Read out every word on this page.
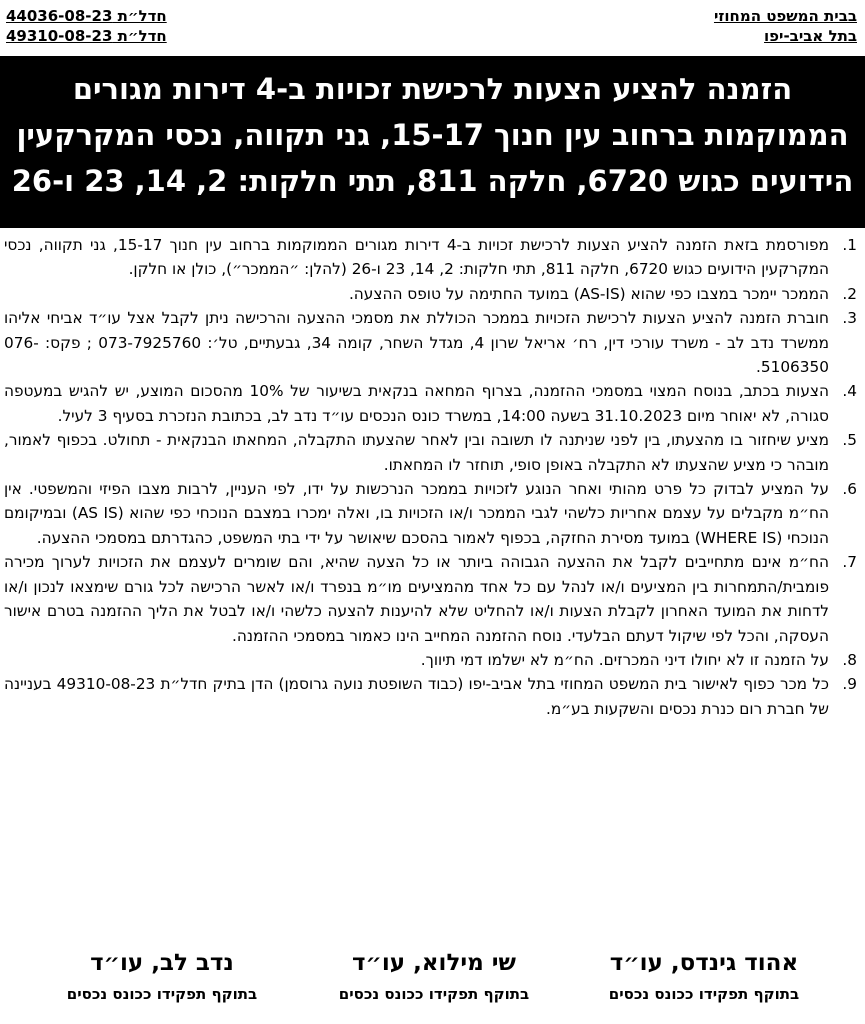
בבית המשפט המחוזי
בתל אביב-יפו
חדל״ת 44036-08-23
חדל״ת 49310-08-23
הזמנה להציע הצעות לרכישת זכויות ב-4 דירות מגורים
הממוקמות ברחוב עין חנוך 15-17, גני תקווה, נכסי המקרקעין
הידועים כגוש 6720, חלקה 811, תתי חלקות: 2, 14, 23 ו-26
1.
מפורסמת בזאת הזמנה להציע הצעות לרכישת זכויות ב-4 דירות מגורים הממוקמות ברחוב עין חנוך 15-17, גני תקווה, נכסי המקרקעין הידועים כגוש 6720, חלקה 811, תתי חלקות: 2, 14, 23 ו-26 (להלן: ״הממכר״), כולן או חלקן.
2.
הממכר יימכר במצבו כפי שהוא (AS-IS) במועד החתימה על טופס ההצעה.
3.
חוברת הזמנה להציע הצעות לרכישת הזכויות בממכר הכוללת את מסמכי ההצעה והרכישה ניתן לקבל אצל עו״ד אביחי אליהו ממשרד נדב לב - משרד עורכי דין, רח׳ אריאל שרון 4, מגדל השחר, קומה 34, גבעתיים, טל׳: 073-7925760 ; פקס: 076-5106350.
4.
הצעות בכתב, בנוסח המצוי במסמכי ההזמנה, בצרוף המחאה בנקאית בשיעור של 10% מהסכום המוצע, יש להגיש במעטפה סגורה, לא יאוחר מיום 31.10.2023 בשעה 14:00, במשרד כונס הנכסים עו״ד נדב לב, בכתובת הנזכרת בסעיף 3 לעיל.
5.
מציע שיחזור בו מהצעתו, בין לפני שניתנה לו תשובה ובין לאחר שהצעתו התקבלה, המחאתו הבנקאית - תחולט. בכפוף לאמור, מובהר כי מציע שהצעתו לא התקבלה באופן סופי, תוחזר לו המחאתו.
6.
על המציע לבדוק כל פרט מהותי ואחר הנוגע לזכויות בממכר הנרכשות על ידו, לפי העניין, לרבות מצבו הפיזי והמשפטי. אין הח״מ מקבלים על עצמם אחריות כלשהי לגבי הממכר ו/או הזכויות בו, ואלה ימכרו במצבם הנוכחי כפי שהוא (AS IS) ובמיקומם הנוכחי (WHERE IS) במועד מסירת החזקה, בכפוף לאמור בהסכם שיאושר על ידי בתי המשפט, כהגדרתם במסמכי ההצעה.
7.
הח״מ אינם מתחייבים לקבל את ההצעה הגבוהה ביותר או כל הצעה שהיא, והם שומרים לעצמם את הזכויות לערוך מכירה פומבית/התמחרות בין המציעים ו/או לנהל עם כל אחד מהמציעים מו״מ בנפרד ו/או לאשר הרכישה לכל גורם שימצאו לנכון ו/או לדחות את המועד האחרון לקבלת הצעות ו/או להחליט שלא להיענות להצעה כלשהי ו/או לבטל את הליך ההזמנה בטרם אישור העסקה, והכל לפי שיקול דעתם הבלעדי. נוסח ההזמנה המחייב הינו כאמור במסמכי ההזמנה.
8.
על הזמנה זו לא יחולו דיני המכרזים. הח״מ לא ישלמו דמי תיווך.
9.
כל מכר כפוף לאישור בית המשפט המחוזי בתל אביב-יפו (כבוד השופטת נועה גרוסמן) הדן בתיק חדל״ת 49310-08-23 בעניינה של חברת רום כנרת נכסים והשקעות בע״מ.
אהוד גינדס, עו״ד
בתוקף תפקידו ככונס נכסים
שי מילוא, עו״ד
בתוקף תפקידו ככונס נכסים
נדב לב, עו״ד
בתוקף תפקידו ככונס נכסים
